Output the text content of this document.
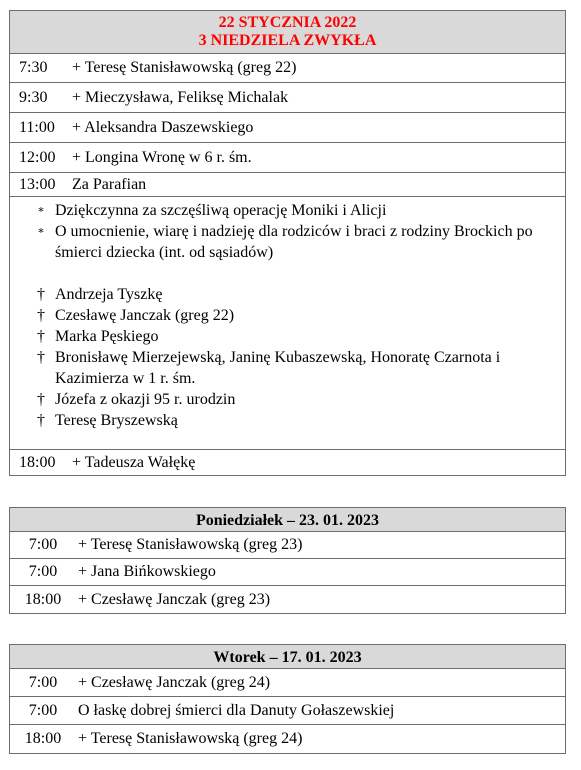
22 STYCZNIA 2022
3 NIEDZIELA ZWYKŁA
7:30	+ Teresę Stanisławowską (greg 22)
9:30	+ Mieczysława, Feliksę Michalak
11:00	+ Aleksandra Daszewskiego
12:00	+ Longina Wronę w 6 r. śm.
13:00	Za Parafian
∗ Dziękczynna za szczęśliwą operację Moniki i Alicji
∗ O umocnienie, wiarę i nadzieję dla rodziców i braci z rodziny Brockich po śmierci dziecka (int. od sąsiadów)
† Andrzeja Tyszkę
† Czesławę Janczak (greg 22)
† Marka Pęskiego
† Bronisławę Mierzejewską, Janinę Kubaszewską, Honoratę Czarnota i Kazimierza w 1 r. śm.
† Józefa z okazji 95 r. urodzin
† Teresę Bryszewską
18:00	+ Tadeusza Wałękę
Poniedziałek – 23. 01. 2023
7:00	+ Teresę Stanisławowską (greg 23)
7:00	+ Jana Bińkowskiego
18:00	+ Czesławę Janczak (greg 23)
Wtorek – 17. 01. 2023
7:00	+ Czesławę Janczak (greg 24)
7:00	O łaskę dobrej śmierci dla Danuty Gołaszewskiej
18:00	+ Teresę Stanisławowską (greg 24)
